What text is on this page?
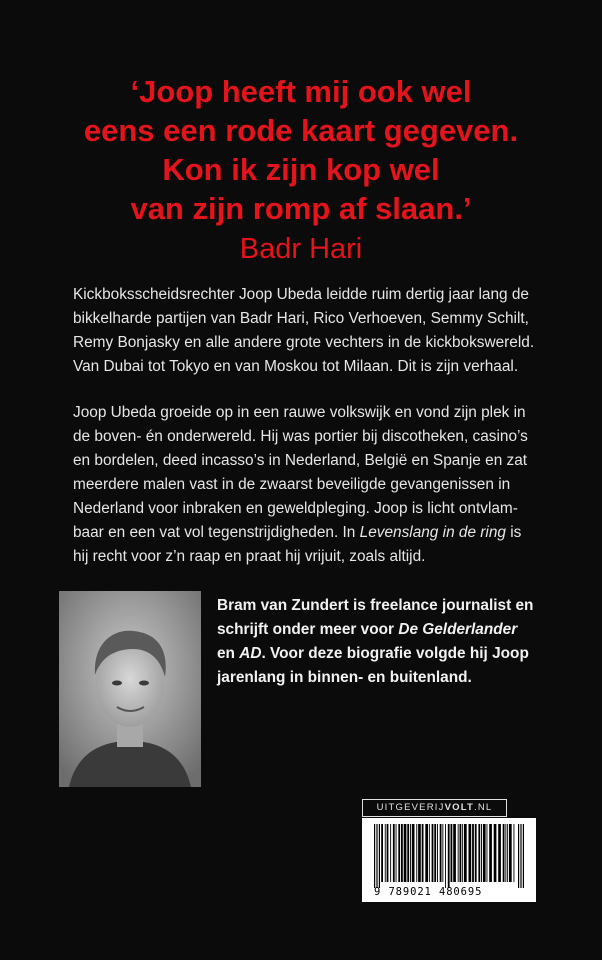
‘Joop heeft mij ook wel
eens een rode kaart gegeven.
Kon ik zijn kop wel
van zijn romp af slaan.’
Badr Hari

Kickboksscheidsrechter Joop Ubeda leidde ruim dertig jaar lang de
bikkelharde partijen van Badr Hari, Rico Verhoeven, Semmy Schilt,
Remy Bonjasky en alle andere grote vechters in de kickbokswereld.
Van Dubai tot Tokyo en van Moskou tot Milaan. Dit is zijn verhaal.

Joop Ubeda groeide op in een rauwe volkswijk en vond zijn plek in
de boven- én onderwereld. Hij was portier bij discotheken, casino’s
en bordelen, deed incasso’s in Nederland, België en Spanje en zat
meerdere malen vast in de zwaarst beveiligde gevangenissen in
Nederland voor inbraken en geweldpleging. Joop is licht ontvlam-
baar en een vat vol tegenstrijdigheden. In Levenslang in de ring is
hij recht voor z’n raap en praat hij vrijuit, zoals altijd.

Bram van Zundert is freelance journalist en
schrijft onder meer voor De Gelderlander
en AD. Voor deze biografie volgde hij Joop
jarenlang in binnen- en buitenland.

UITGEVERIJVOLT.NL
9 789021 480695
